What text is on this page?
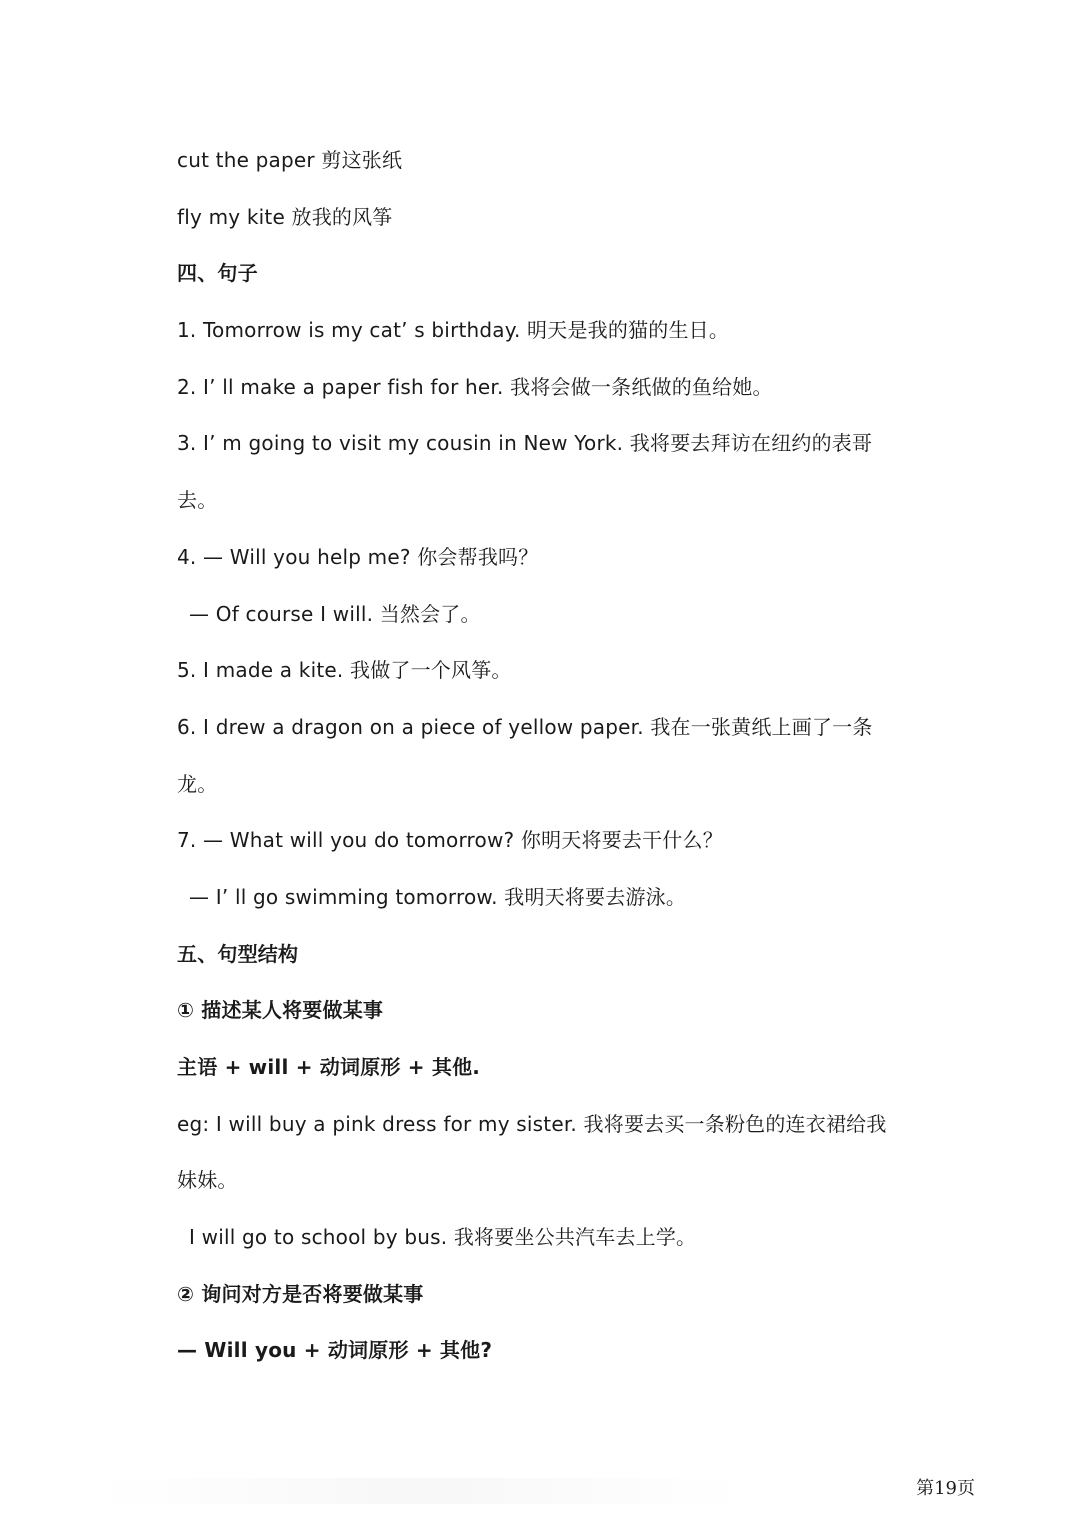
cut the paper 剪这张纸
fly my kite 放我的风筝
四、句子
1. Tomorrow is my cat’ s birthday. 明天是我的猫的生日。
2. I’ ll make a paper fish for her. 我将会做一条纸做的鱼给她。
3. I’ m going to visit my cousin in New York. 我将要去拜访在纽约的表哥
去。
4. — Will you help me? 你会帮我吗？
— Of course I will. 当然会了。
5. I made a kite. 我做了一个风筝。
6. I drew a dragon on a piece of yellow paper. 我在一张黄纸上画了一条
龙。
7. — What will you do tomorrow? 你明天将要去干什么？
— I’ ll go swimming tomorrow. 我明天将要去游泳。
五、句型结构
① 描述某人将要做某事
主语 + will + 动词原形 + 其他.
eg: I will buy a pink dress for my sister. 我将要去买一条粉色的连衣裙给我
妹妹。
I will go to school by bus. 我将要坐公共汽车去上学。
② 询问对方是否将要做某事
— Will you + 动词原形 + 其他?
第19页
